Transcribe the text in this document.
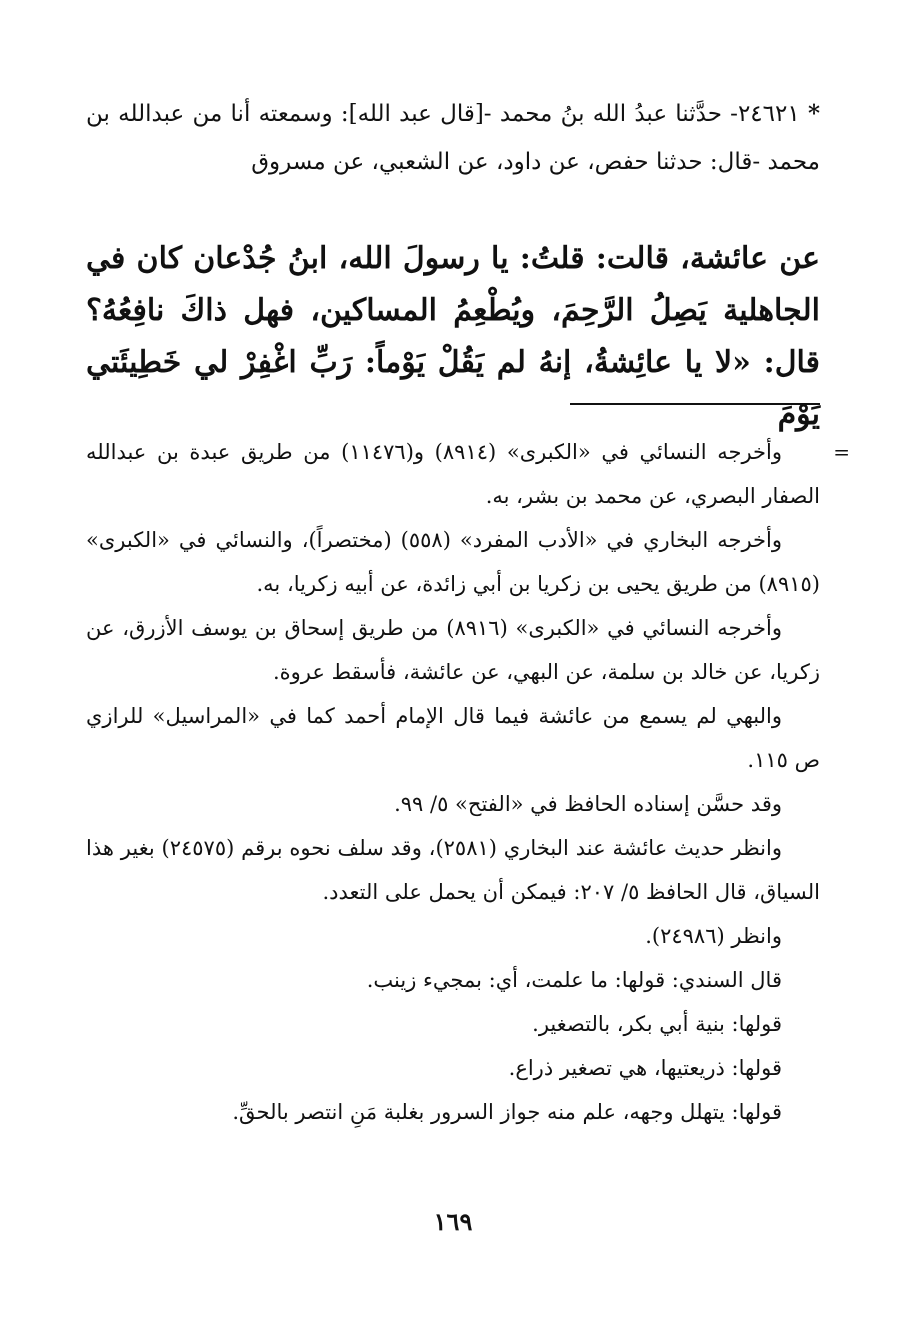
* ٢٤٦٢١- حدَّثنا عبدُ الله بنُ محمد -[قال عبد الله]: وسمعته أنا من عبدالله بن محمد -قال: حدثنا حفص، عن داود، عن الشعبي، عن مسروق
عن عائشة، قالت: قلتُ: يا رسولَ الله، ابنُ جُدْعان كان في الجاهلية يَصِلُ الرَّحِمَ، ويُطْعِمُ المساكين، فهل ذاكَ نافِعُهُ؟ قال: «لا يا عائِشةُ، إنهُ لم يَقُلْ يَوْماً: رَبِّ اغْفِرْ لي خَطِيئَتي يَوْمَ
=

وأخرجه النسائي في «الكبرى» (٨٩١٤) و(١١٤٧٦) من طريق عبدة بن عبدالله الصفار البصري، عن محمد بن بشر، به.

وأخرجه البخاري في «الأدب المفرد» (٥٥٨) (مختصراً)، والنسائي في «الكبرى» (٨٩١٥) من طريق يحيى بن زكريا بن أبي زائدة، عن أبيه زكريا، به.

وأخرجه النسائي في «الكبرى» (٨٩١٦) من طريق إسحاق بن يوسف الأزرق، عن زكريا، عن خالد بن سلمة، عن البهي، عن عائشة، فأسقط عروة.

والبهي لم يسمع من عائشة فيما قال الإمام أحمد كما في «المراسيل» للرازي ص ١١٥.

وقد حسَّن إسناده الحافظ في «الفتح» ٥/ ٩٩.

وانظر حديث عائشة عند البخاري (٢٥٨١)، وقد سلف نحوه برقم (٢٤٥٧٥) بغير هذا السياق، قال الحافظ ٥/ ٢٠٧: فيمكن أن يحمل على التعدد.

وانظر (٢٤٩٨٦).

قال السندي: قولها: ما علمت، أي: بمجيء زينب.

قولها: بنية أبي بكر، بالتصغير.

قولها: ذريعتيها، هي تصغير ذراع.

قولها: يتهلل وجهه، علم منه جواز السرور بغلبة مَنِ انتصر بالحقِّ.

١٦٩
